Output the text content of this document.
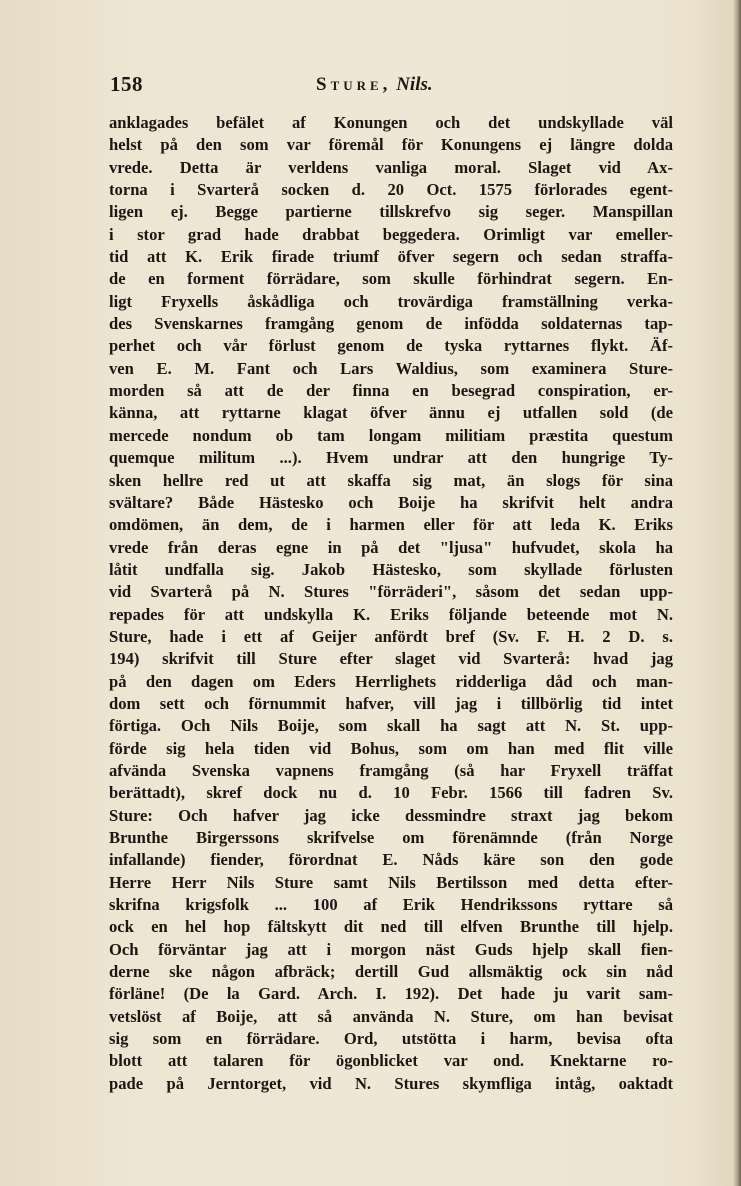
158	Sture, Nils.
anklagades befälet af Konungen och det undskyllade väl
helst på den som var föremål för Konungens ej längre dolda
vrede. Detta är verldens vanliga moral. Slaget vid Ax-
torna i Svarterå socken d. 20 Oct. 1575 förlorades egent-
ligen ej. Begge partierne tillskrefvo sig seger. Manspillan
i stor grad hade drabbat beggedera. Orimligt var emeller-
tid att K. Erik firade triumf öfver segern och sedan straffa-
de en forment förrädare, som skulle förhindrat segern. En-
ligt Fryxells åskådliga och trovärdiga framställning verka-
des Svenskarnes framgång genom de infödda soldaternas tap-
perhet och vår förlust genom de tyska ryttarnes flykt. Äf-
ven E. M. Fant och Lars Waldius, som examinera Sture-
morden så att de der finna en besegrad conspiration, er-
känna, att ryttarne klagat öfver ännu ej utfallen sold (de
mercede nondum ob tam longam militiam præstita questum
quemque militum ...). Hvem undrar att den hungrige Ty-
sken hellre red ut att skaffa sig mat, än slogs för sina
svältare? Både Hästesko och Boije ha skrifvit helt andra
omdömen, än dem, de i harmen eller för att leda K. Eriks
vrede från deras egne in på det "ljusa" hufvudet, skola ha
låtit undfalla sig. Jakob Hästesko, som skyllade förlusten
vid Svarterå på N. Stures "förräderi", såsom det sedan upp-
repades för att undskylla K. Eriks följande beteende mot N.
Sture, hade i ett af Geijer anfördt bref (Sv. F. H. 2 D. s.
194) skrifvit till Sture efter slaget vid Svarterå: hvad jag
på den dagen om Eders Herrlighets ridderliga dåd och man-
dom sett och förnummit hafver, vill jag i tillbörlig tid intet
förtiga. Och Nils Boije, som skall ha sagt att N. St. upp-
förde sig hela tiden vid Bohus, som om han med flit ville
afvända Svenska vapnens framgång (så har Fryxell träffat
berättadt), skref dock nu d. 10 Febr. 1566 till fadren Sv.
Sture: Och hafver jag icke dessmindre straxt jag bekom
Brunthe Birgerssons skrifvelse om förenämnde (från Norge
infallande) fiender, förordnat E. Nåds käre son den gode
Herre Herr Nils Sture samt Nils Bertilsson med detta efter-
skrifna krigsfolk ... 100 af Erik Hendrikssons ryttare så
ock en hel hop fältskytt dit ned till elfven Brunthe till hjelp.
Och förväntar jag att i morgon näst Guds hjelp skall fien-
derne ske någon afbräck; dertill Gud allsmäktig ock sin nåd
förläne! (De la Gard. Arch. I. 192). Det hade ju varit sam-
vetslöst af Boije, att så använda N. Sture, om han bevisat
sig som en förrädare. Ord, utstötta i harm, bevisa ofta
blott att talaren för ögonblicket var ond. Knektarne ro-
pade på Jerntorget, vid N. Stures skymfliga intåg, oaktadt
